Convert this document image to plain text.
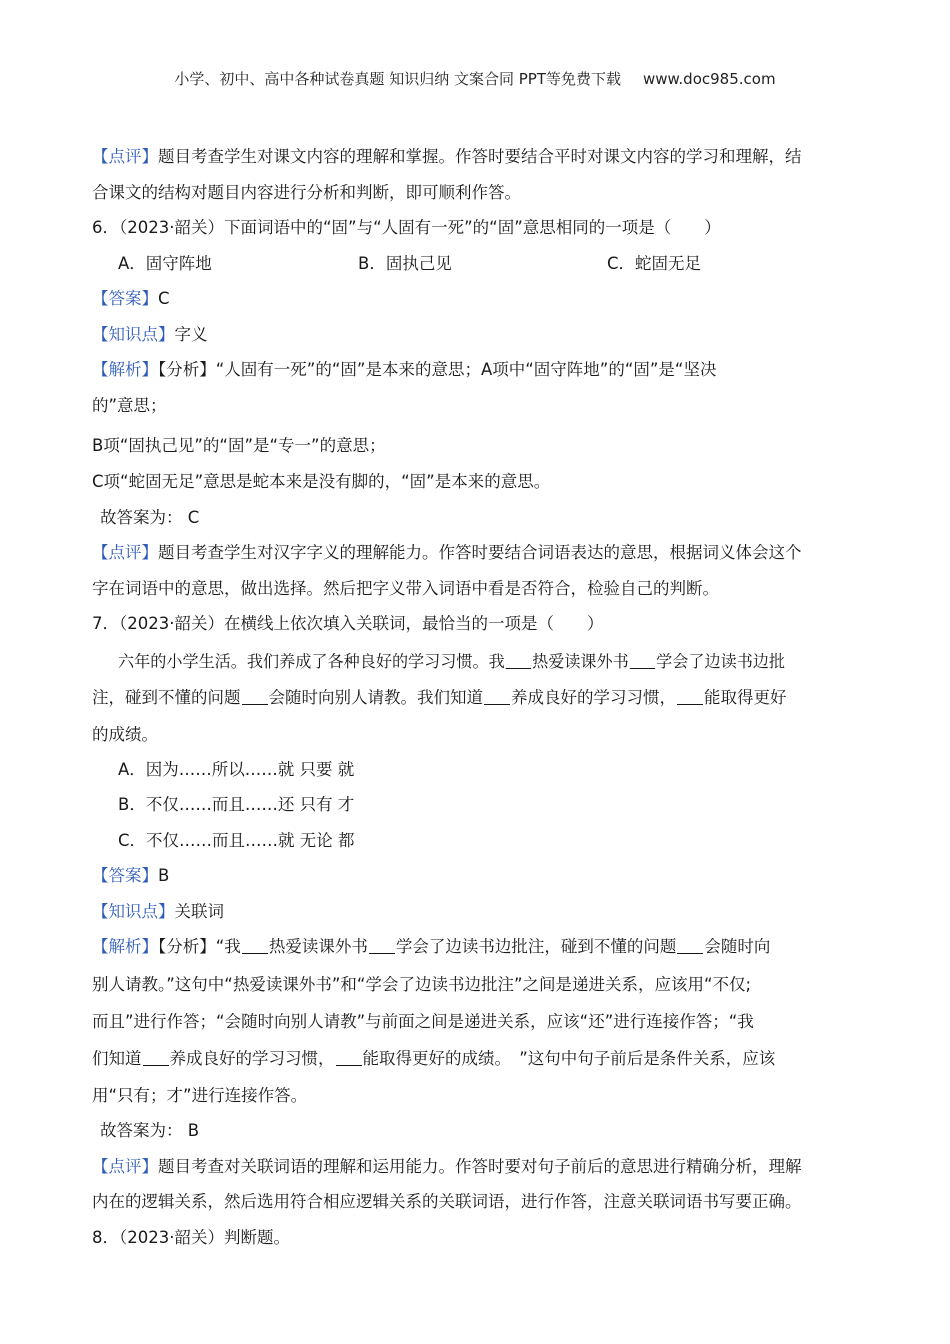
小学、初中、高中各种试卷真题 知识归纳 文案合同 PPT等免费下载 www.doc985.com
【点评】题目考查学生对课文内容的理解和掌握。作答时要结合平时对课文内容的学习和理解，结
合课文的结构对题目内容进行分析和判断，即可顺利作答。
6．（2023·韶关）下面词语中的“固”与“人固有一死”的“固”意思相同的一项是（　　）
A．固守阵地	B．固执己见	C．蛇固无足
【答案】C
【知识点】字义
【解析】【分析】“人固有一死”的“固”是本来的意思；A项中“固守阵地”的“固”是“坚决
的”意思；
B项“固执己见”的“固”是“专一”的意思；
C项“蛇固无足”意思是蛇本来是没有脚的，“固”是本来的意思。
故答案为： C
【点评】题目考查学生对汉字字义的理解能力。作答时要结合词语表达的意思，根据词义体会这个
字在词语中的意思，做出选择。然后把字义带入词语中看是否符合，检验自己的判断。
7．（2023·韶关）在横线上依次填入关联词，最恰当的一项是（　　）
六年的小学生活。我们养成了各种良好的学习习惯。我 热爱读课外书 学会了边读书边批
注，碰到不懂的问题 会随时向别人请教。我们知道 养成良好的学习习惯， 能取得更好
的成绩。
A．因为……所以……就 只要 就
B．不仅……而且……还 只有 才
C．不仅……而且……就 无论 都
【答案】B
【知识点】关联词
【解析】【分析】“我 热爱读课外书 学会了边读书边批注，碰到不懂的问题 会随时向
别人请教。”这句中“热爱读课外书”和“学会了边读书边批注”之间是递进关系，应该用“不仅;
而且”进行作答；“会随时向别人请教”与前面之间是递进关系，应该“还”进行连接作答；“我
们知道 养成良好的学习习惯， 能取得更好的成绩。　”这句中句子前后是条件关系，应该
用“只有；才”进行连接作答。
故答案为： B
【点评】题目考查对关联词语的理解和运用能力。作答时要对句子前后的意思进行精确分析，理解
内在的逻辑关系，然后选用符合相应逻辑关系的关联词语，进行作答，注意关联词语书写要正确。
8．（2023·韶关）判断题。
